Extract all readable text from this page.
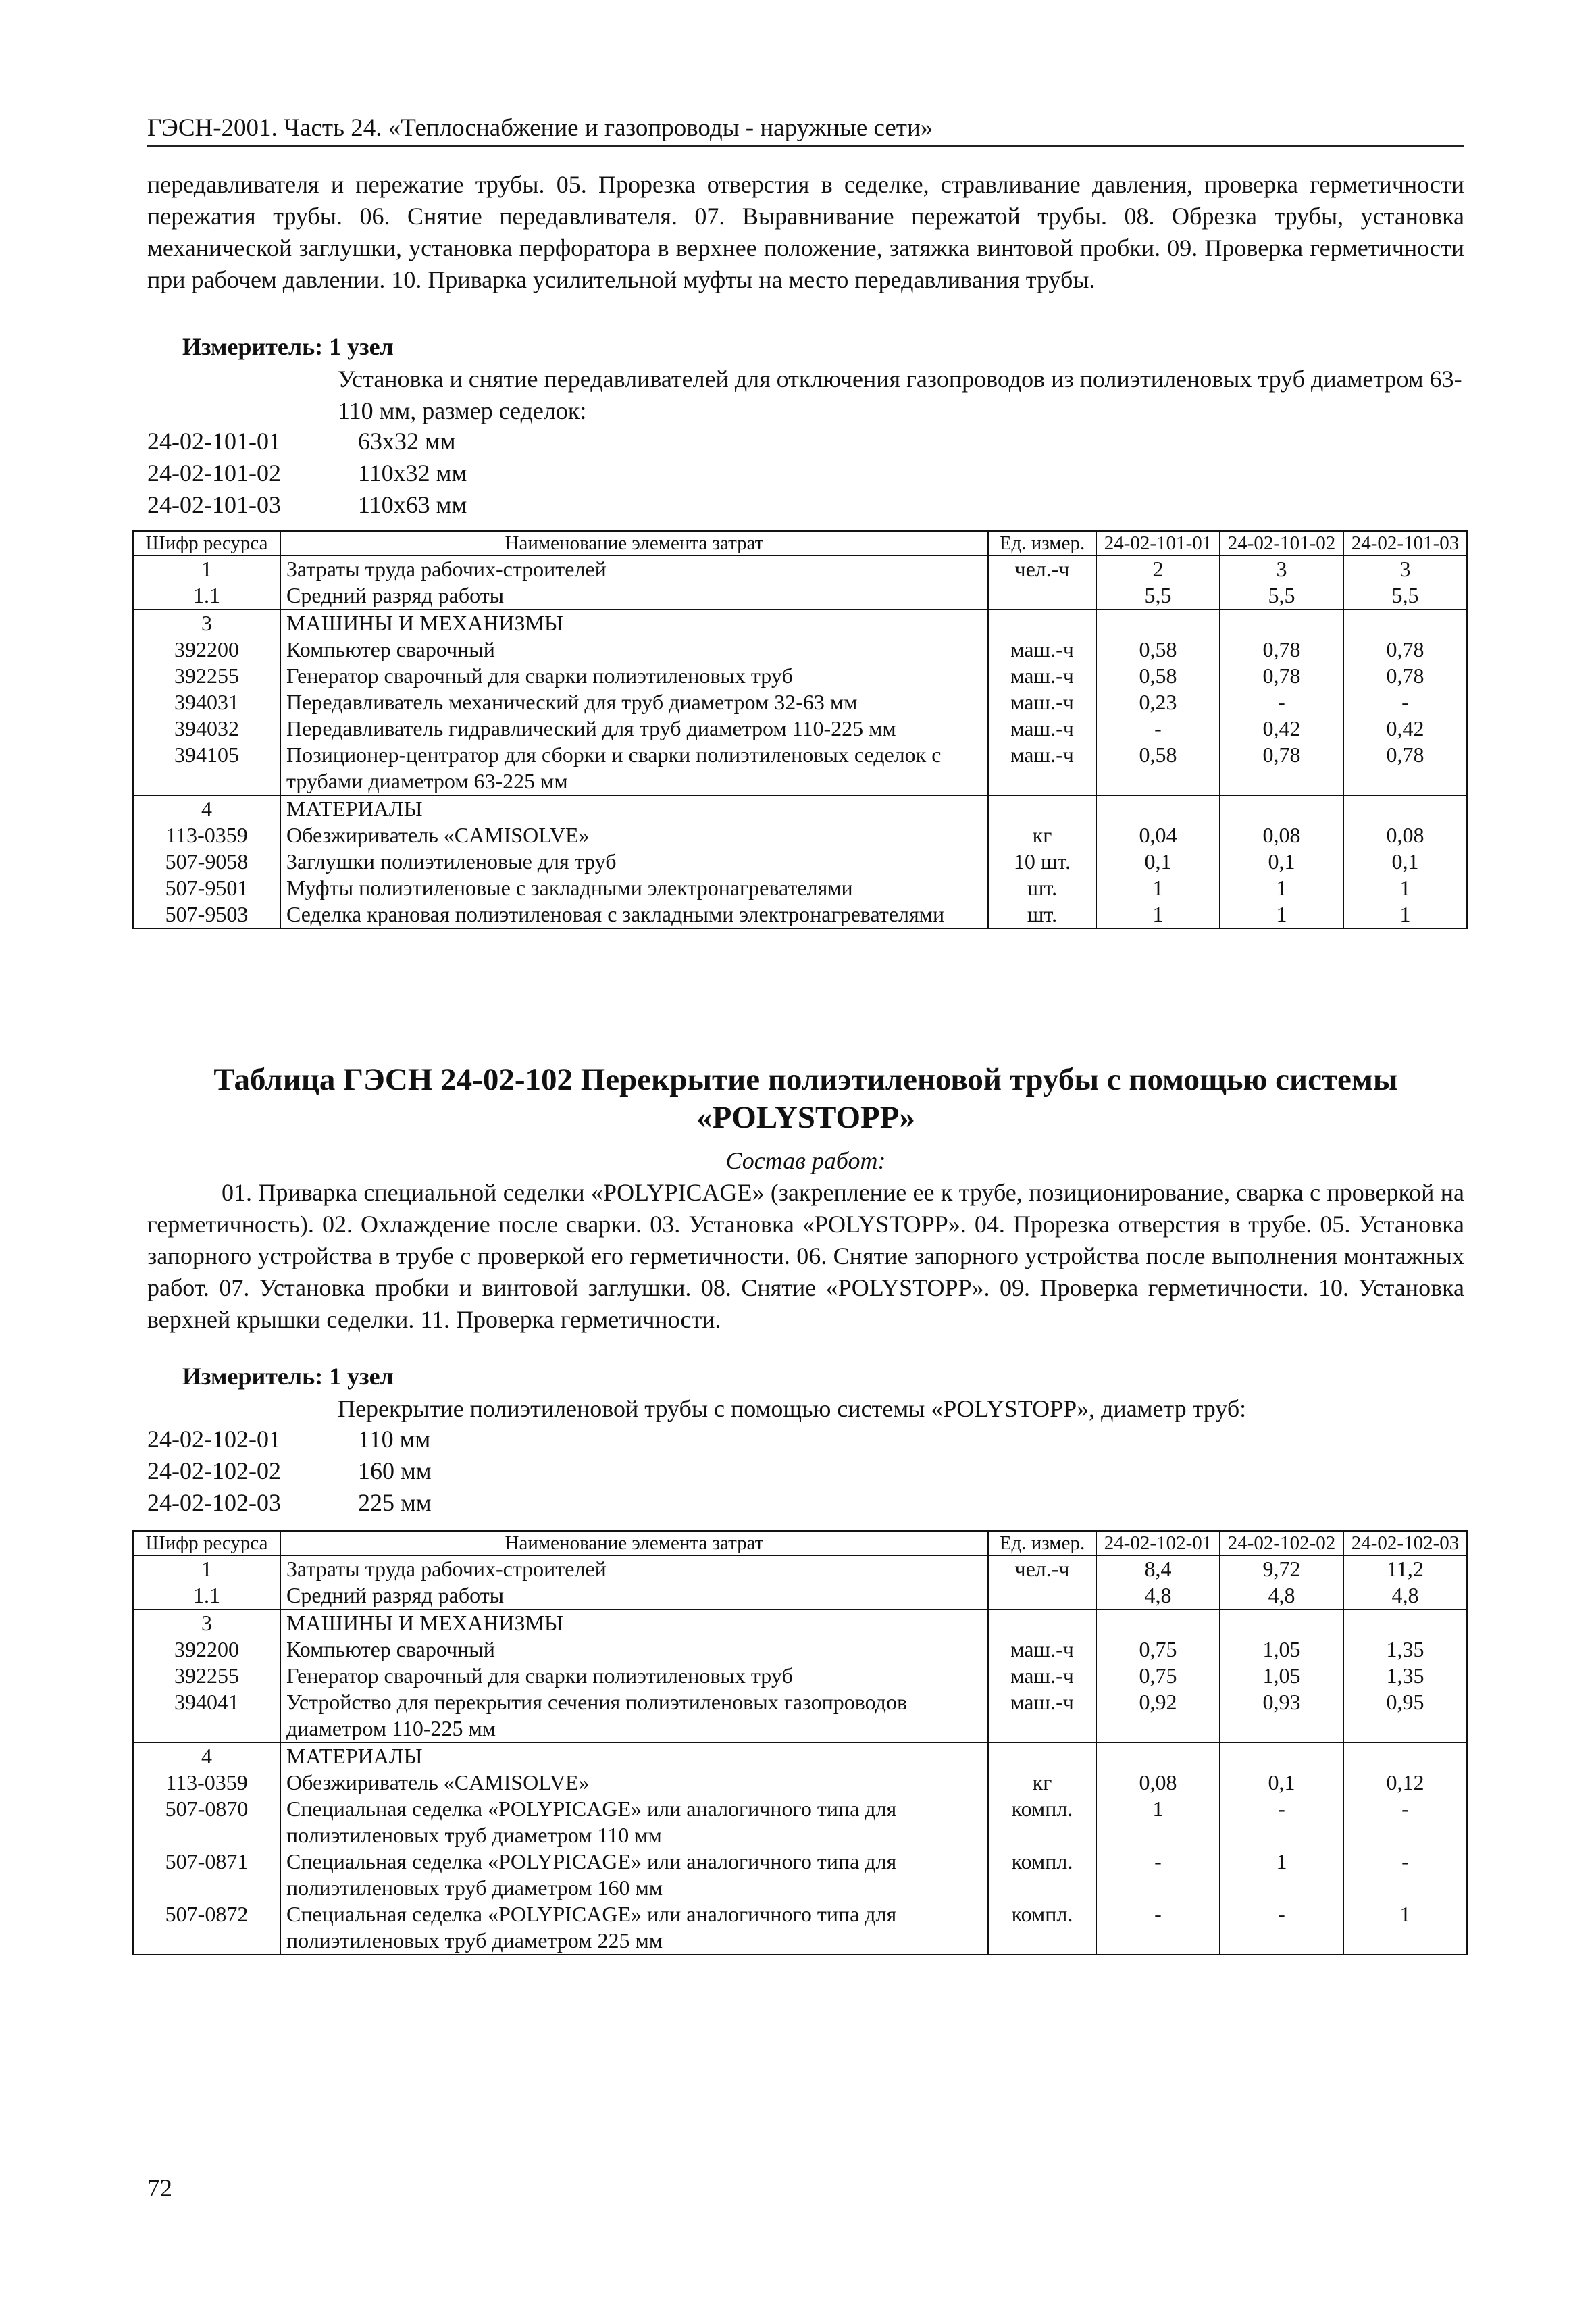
ГЭСН-2001. Часть 24. «Теплоснабжение и газопроводы - наружные сети»
передавливателя и пережатие трубы. 05. Прорезка отверстия в седелке, стравливание давления, проверка герметичности пережатия трубы. 06. Снятие передавливателя. 07. Выравнивание пережатой трубы. 08. Обрезка трубы, установка механической заглушки, установка перфоратора в верхнее положение, затяжка винтовой пробки. 09. Проверка герметичности при рабочем давлении. 10. Приварка усилительной муфты на место передавливания трубы.
Измеритель: 1 узел
Установка и снятие передавливателей для отключения газопроводов из полиэтиленовых труб диаметром 63-110 мм, размер седелок:
24-02-101-01	63x32 мм
24-02-101-02	110x32 мм
24-02-101-03	110x63 мм
Шифр ресурса	Наименование элемента затрат	Ед. измер.	24-02-101-01	24-02-101-02	24-02-101-03
1	Затраты труда рабочих-строителей	чел.-ч	2	3	3
1.1	Средний разряд работы		5,5	5,5	5,5
3	МАШИНЫ И МЕХАНИЗМЫ				
392200	Компьютер сварочный	маш.-ч	0,58	0,78	0,78
392255	Генератор сварочный для сварки полиэтиленовых труб	маш.-ч	0,58	0,78	0,78
394031	Передавливатель механический для труб диаметром 32-63 мм	маш.-ч	0,23	-	-
394032	Передавливатель гидравлический для труб диаметром 110-225 мм	маш.-ч	-	0,42	0,42
394105	Позиционер-центратор для сборки и сварки полиэтиленовых седелок с трубами диаметром 63-225 мм	маш.-ч	0,58	0,78	0,78
4	МАТЕРИАЛЫ				
113-0359	Обезжириватель «CAMISOLVE»	кг	0,04	0,08	0,08
507-9058	Заглушки полиэтиленовые для труб	10 шт.	0,1	0,1	0,1
507-9501	Муфты полиэтиленовые с закладными электронагревателями	шт.	1	1	1
507-9503	Седелка крановая полиэтиленовая с закладными электронагревателями	шт.	1	1	1
Таблица ГЭСН 24-02-102 Перекрытие полиэтиленовой трубы с помощью системы
«POLYSTOPP»
Состав работ:
01. Приварка специальной седелки «POLYPICAGE» (закрепление ее к трубе, позиционирование, сварка с проверкой на герметичность). 02. Охлаждение после сварки. 03. Установка «POLYSTOPP». 04. Прорезка отверстия в трубе. 05. Установка запорного устройства в трубе с проверкой его герметичности. 06. Снятие запорного устройства после выполнения монтажных работ. 07. Установка пробки и винтовой заглушки. 08. Снятие «POLYSTOPP». 09. Проверка герметичности. 10. Установка верхней крышки седелки. 11. Проверка герметичности.
Измеритель: 1 узел
Перекрытие полиэтиленовой трубы с помощью системы «POLYSTOPP», диаметр труб:
24-02-102-01	110 мм
24-02-102-02	160 мм
24-02-102-03	225 мм
Шифр ресурса	Наименование элемента затрат	Ед. измер.	24-02-102-01	24-02-102-02	24-02-102-03
1	Затраты труда рабочих-строителей	чел.-ч	8,4	9,72	11,2
1.1	Средний разряд работы		4,8	4,8	4,8
3	МАШИНЫ И МЕХАНИЗМЫ				
392200	Компьютер сварочный	маш.-ч	0,75	1,05	1,35
392255	Генератор сварочный для сварки полиэтиленовых труб	маш.-ч	0,75	1,05	1,35
394041	Устройство для перекрытия сечения полиэтиленовых газопроводов диаметром 110-225 мм	маш.-ч	0,92	0,93	0,95
4	МАТЕРИАЛЫ				
113-0359	Обезжириватель «CAMISOLVE»	кг	0,08	0,1	0,12
507-0870	Специальная седелка «POLYPICAGE» или аналогичного типа для полиэтиленовых труб диаметром 110 мм	компл.	1	-	-
507-0871	Специальная седелка «POLYPICAGE» или аналогичного типа для полиэтиленовых труб диаметром 160 мм	компл.	-	1	-
507-0872	Специальная седелка «POLYPICAGE» или аналогичного типа для полиэтиленовых труб диаметром 225 мм	компл.	-	-	1
72
